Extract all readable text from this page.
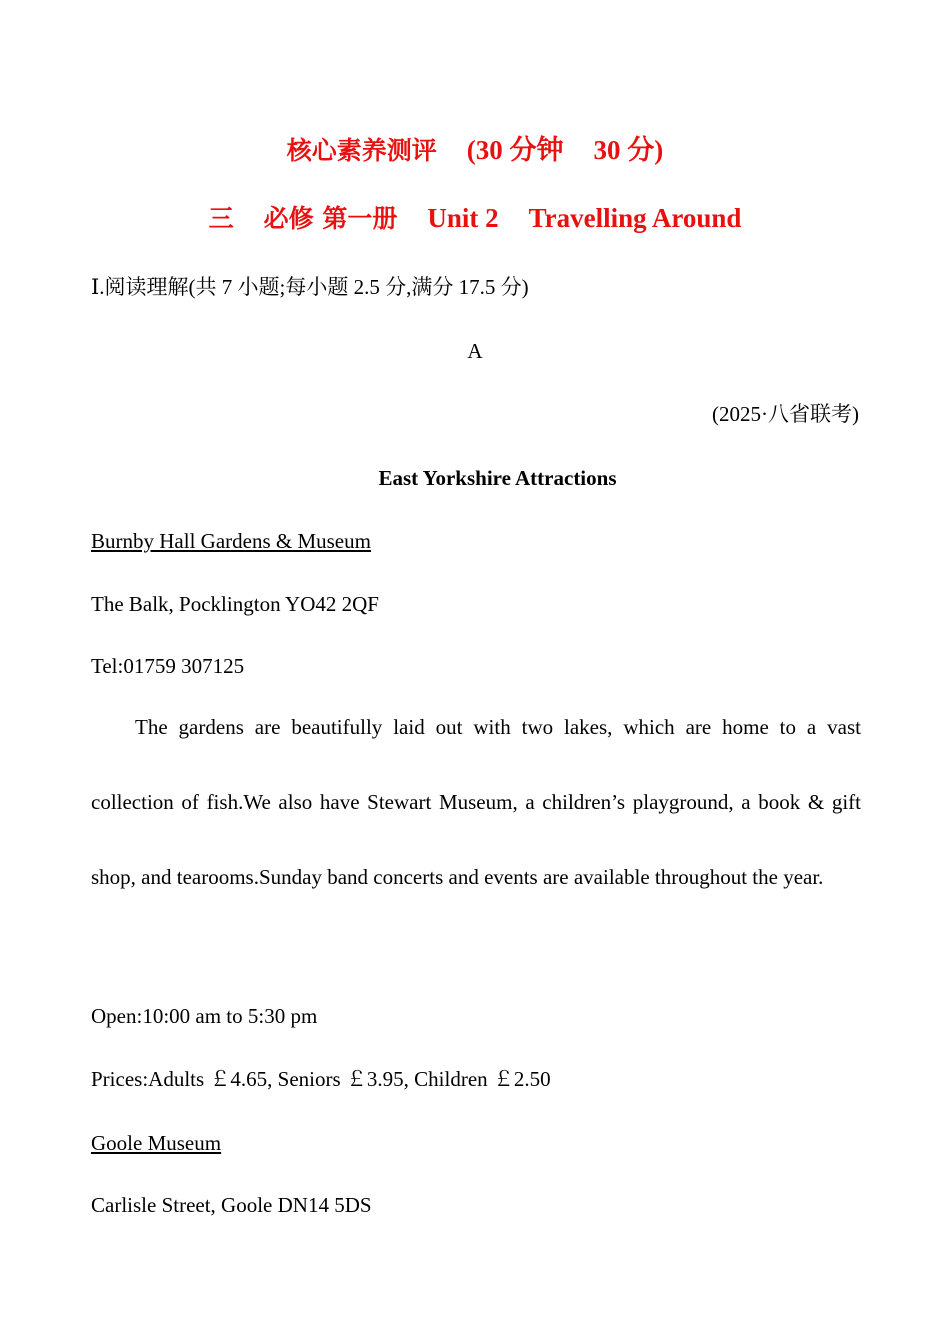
核心素养测评 (30 分钟 30 分)
三 必修 第一册 Unit 2 Travelling Around
Ⅰ.阅读理解(共 7 小题;每小题 2.5 分,满分 17.5 分)
A
(2025·八省联考)
East Yorkshire Attractions
Burnby Hall Gardens & Museum
The Balk, Pocklington YO42 2QF
Tel:01759 307125
The gardens are beautifully laid out with two lakes, which are home to a vast collection of fish.We also have Stewart Museum, a children’s playground, a book & gift shop, and tearooms.Sunday band concerts and events are available throughout the year.
Open:10:00 am to 5:30 pm
Prices:Adults ￡4.65, Seniors ￡3.95, Children ￡2.50
Goole Museum
Carlisle Street, Goole DN14 5DS
